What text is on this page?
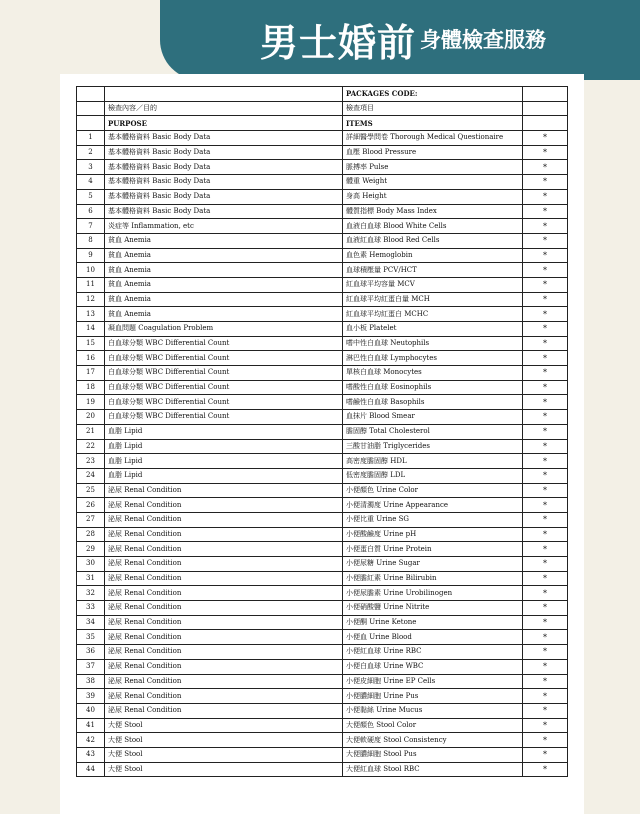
男士婚前 身體檢查服務
		PACKAGES CODE:	
	檢查內容／目的	檢查項目	
	PURPOSE	ITEMS	
1	基本體格資料 Basic Body Data	詳細醫學問卷 Thorough Medical Questionaire	*
2	基本體格資料 Basic Body Data	血壓 Blood Pressure	*
3	基本體格資料 Basic Body Data	脈搏率 Pulse	*
4	基本體格資料 Basic Body Data	體重 Weight	*
5	基本體格資料 Basic Body Data	身高 Height	*
6	基本體格資料 Basic Body Data	體質指標 Body Mass Index	*
7	炎症等 Inflammation, etc	血液白血球 Blood White Cells	*
8	貧血 Anemia	血液紅血球 Blood Red Cells	*
9	貧血 Anemia	血色素 Hemoglobin	*
10	貧血 Anemia	血球積壓量 PCV/HCT	*
11	貧血 Anemia	紅血球平均容量 MCV	*
12	貧血 Anemia	紅血球平均紅蛋白量 MCH	*
13	貧血 Anemia	紅血球平均紅蛋白 MCHC	*
14	凝血問題 Coagulation Problem	血小板 Platelet	*
15	白血球分類 WBC Differential Count	嗜中性白血球 Neutophils	*
16	白血球分類 WBC Differential Count	淋巴性白血球 Lymphocytes	*
17	白血球分類 WBC Differential Count	單核白血球 Monocytes	*
18	白血球分類 WBC Differential Count	嗜酸性白血球 Eosinophils	*
19	白血球分類 WBC Differential Count	嗜鹼性白血球 Basophils	*
20	白血球分類 WBC Differential Count	血抹片 Blood Smear	*
21	血脂 Lipid	膽固醇 Total Cholesterol	*
22	血脂 Lipid	三酸甘油脂 Triglycerides	*
23	血脂 Lipid	高密度膽固醇 HDL	*
24	血脂 Lipid	低密度膽固醇 LDL	*
25	泌尿 Renal Condition	小便顏色 Urine Color	*
26	泌尿 Renal Condition	小便清濁度 Urine Appearance	*
27	泌尿 Renal Condition	小便比重 Urine SG	*
28	泌尿 Renal Condition	小便酸鹼度 Urine pH	*
29	泌尿 Renal Condition	小便蛋白質 Urine Protein	*
30	泌尿 Renal Condition	小便尿糖 Urine Sugar	*
31	泌尿 Renal Condition	小便膽紅素 Urine Bilirubin	*
32	泌尿 Renal Condition	小便尿膽素 Urine Urobilinogen	*
33	泌尿 Renal Condition	小便硝酸鹽 Urine Nitrite	*
34	泌尿 Renal Condition	小便酮 Urine Ketone	*
35	泌尿 Renal Condition	小便血 Urine Blood	*
36	泌尿 Renal Condition	小便紅血球 Urine RBC	*
37	泌尿 Renal Condition	小便白血球 Urine WBC	*
38	泌尿 Renal Condition	小便皮細胞 Urine EP Cells	*
39	泌尿 Renal Condition	小便膿細胞 Urine Pus	*
40	泌尿 Renal Condition	小便黏絲 Urine Mucus	*
41	大便 Stool	大便顏色 Stool Color	*
42	大便 Stool	大便軟硬度 Stool Consistency	*
43	大便 Stool	大便膿細胞 Stool Pus	*
44	大便 Stool	大便紅血球 Stool RBC	*
